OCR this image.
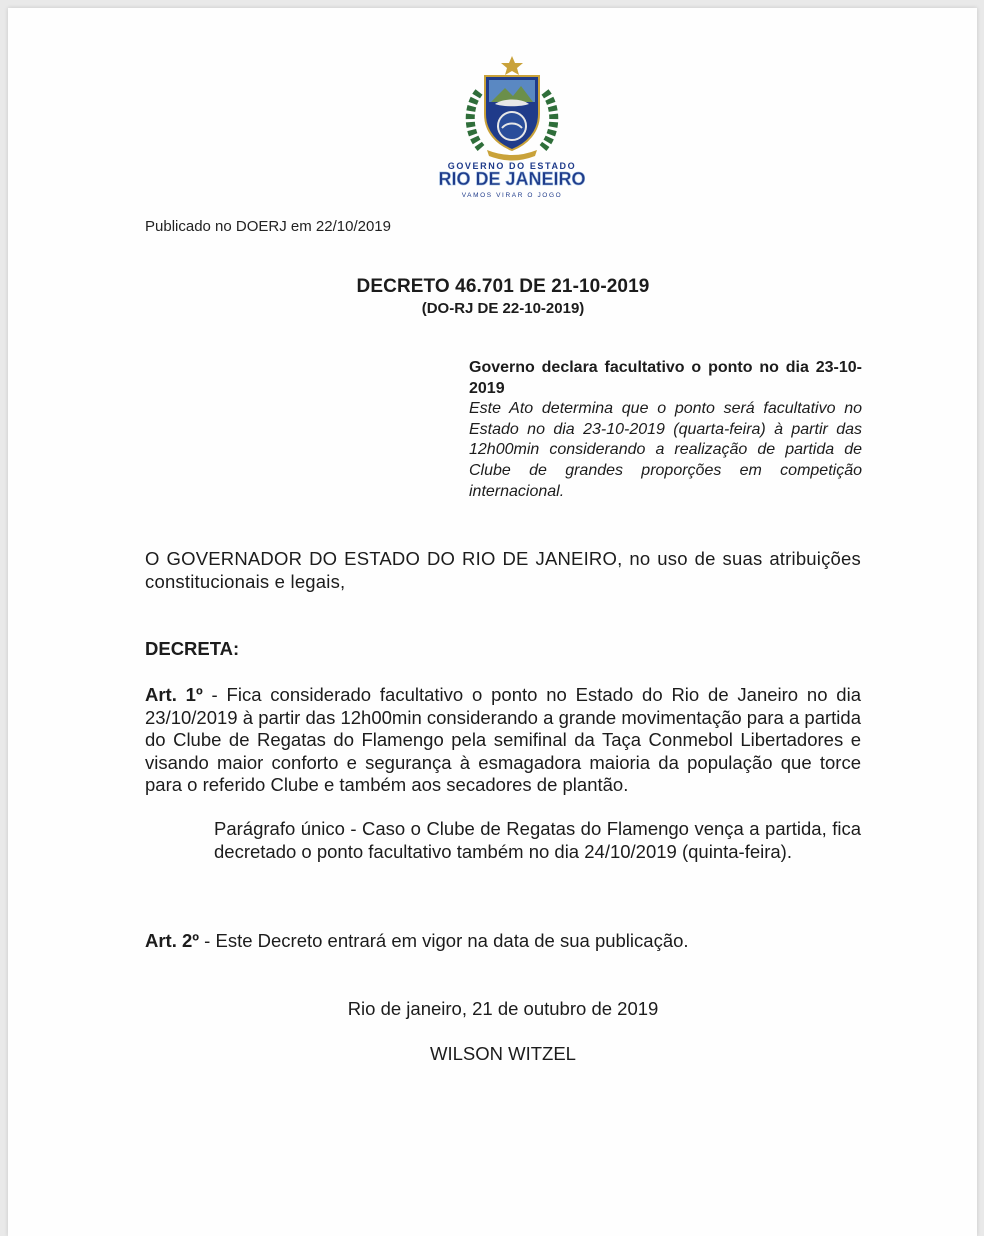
GOVERNO DO ESTADO
RIO DE JANEIRO
VAMOS VIRAR O JOGO
Publicado no DOERJ em 22/10/2019
DECRETO 46.701 DE 21-10-2019
(DO-RJ DE 22-10-2019)
Governo declara facultativo o ponto no dia 23-10-2019
Este Ato determina que o ponto será facultativo no Estado no dia 23-10-2019 (quarta-feira) à partir das 12h00min considerando a realização de partida de Clube de grandes proporções em competição internacional.
O GOVERNADOR DO ESTADO DO RIO DE JANEIRO, no uso de suas atribuições constitucionais e legais,
DECRETA:
Art. 1º - Fica considerado facultativo o ponto no Estado do Rio de Janeiro no dia 23/10/2019 à partir das 12h00min considerando a grande movimentação para a partida do Clube de Regatas do Flamengo pela semifinal da Taça Conmebol Libertadores e visando maior conforto e segurança à esmagadora maioria da população que torce para o referido Clube e também aos secadores de plantão.
Parágrafo único - Caso o Clube de Regatas do Flamengo vença a partida, fica decretado o ponto facultativo também no dia 24/10/2019 (quinta-feira).
Art. 2º - Este Decreto entrará em vigor na data de sua publicação.
Rio de janeiro, 21 de outubro de 2019
WILSON WITZEL
